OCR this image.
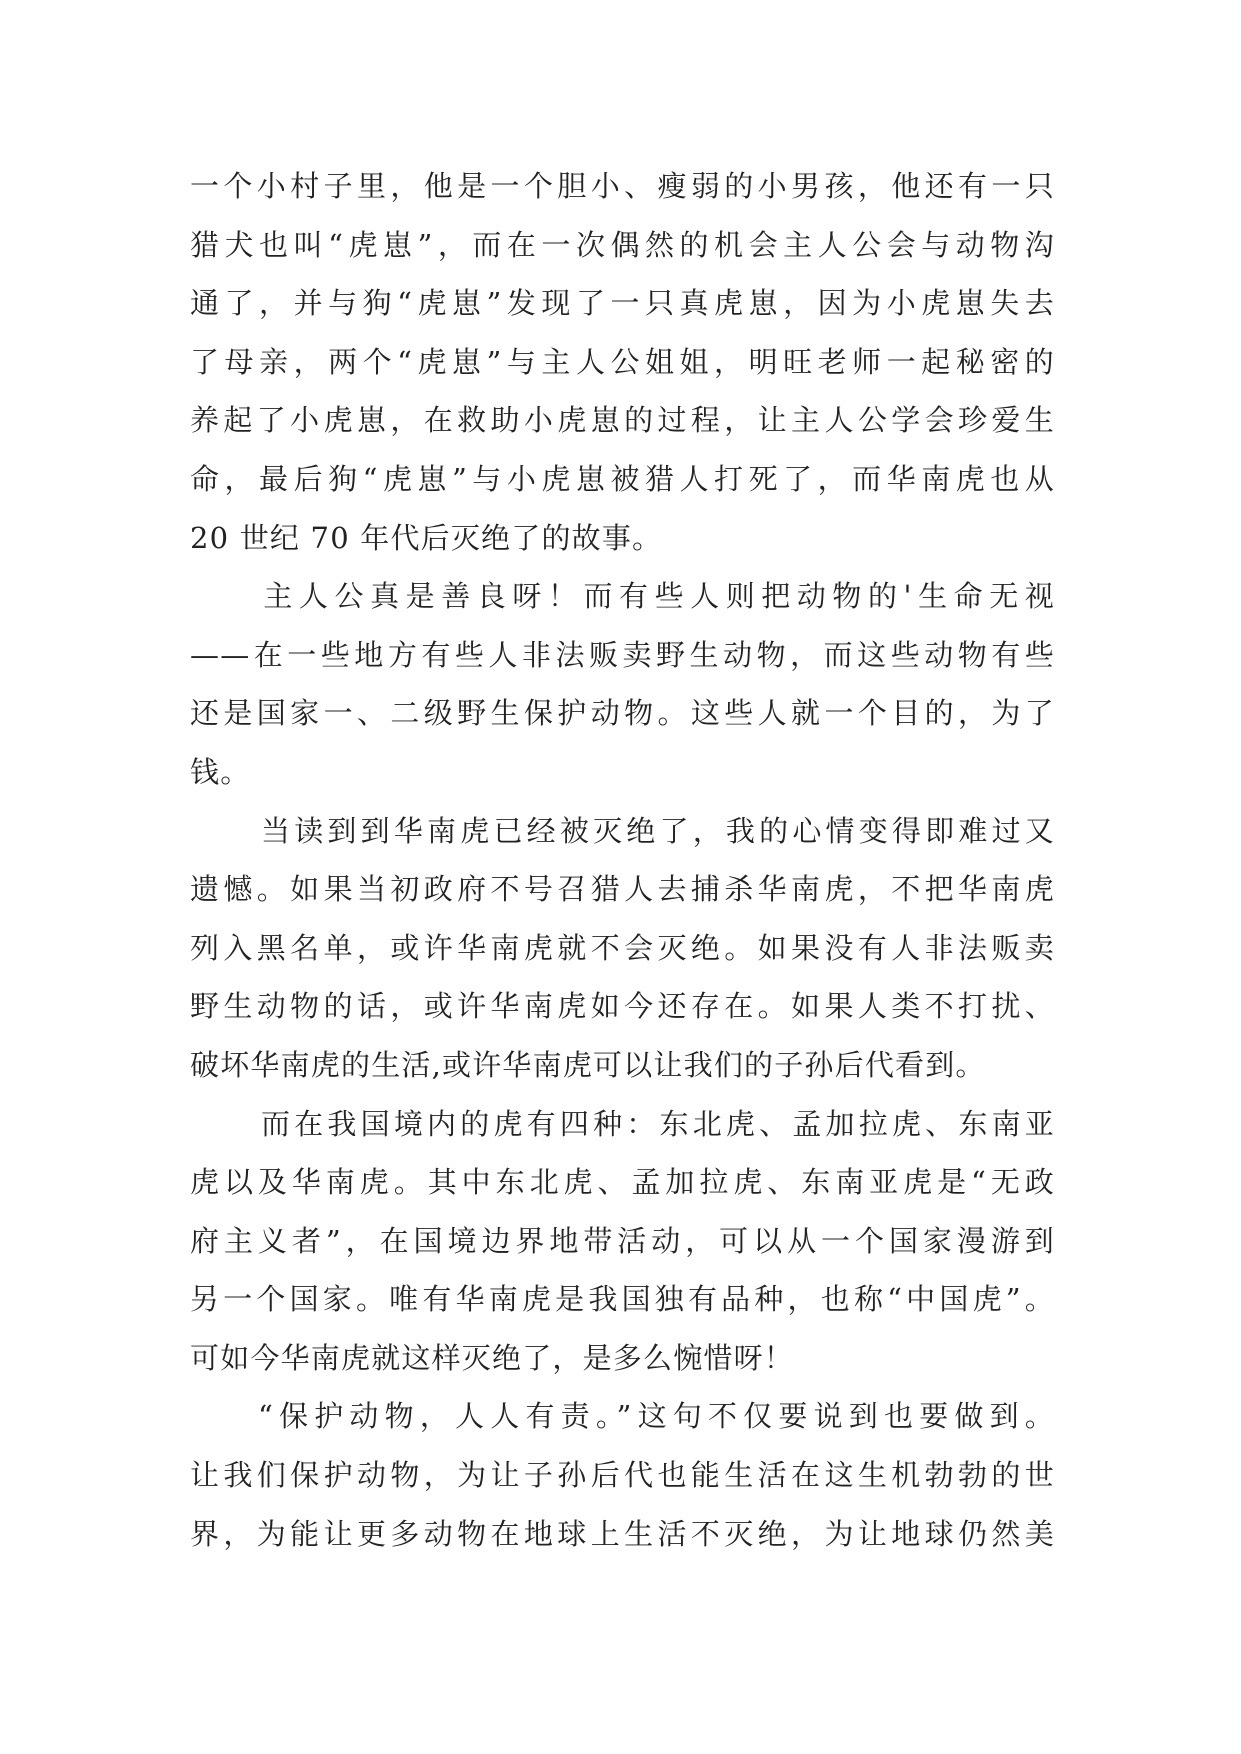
一个小村子里，他是一个胆小、瘦弱的小男孩，他还有一只
猎犬也叫“虎崽”，而在一次偶然的机会主人公会与动物沟
通了，并与狗“虎崽”发现了一只真虎崽，因为小虎崽失去
了母亲，两个“虎崽”与主人公姐姐，明旺老师一起秘密的
养起了小虎崽，在救助小虎崽的过程，让主人公学会珍爱生
命，最后狗“虎崽”与小虎崽被猎人打死了，而华南虎也从
20 世纪 70 年代后灭绝了的故事。
主人公真是善良呀！而有些人则把动物的'生命无视
——在一些地方有些人非法贩卖野生动物，而这些动物有些
还是国家一、二级野生保护动物。这些人就一个目的，为了
钱。
当读到到华南虎已经被灭绝了，我的心情变得即难过又
遗憾。如果当初政府不号召猎人去捕杀华南虎，不把华南虎
列入黑名单，或许华南虎就不会灭绝。如果没有人非法贩卖
野生动物的话，或许华南虎如今还存在。如果人类不打扰、
破坏华南虎的生活,或许华南虎可以让我们的子孙后代看到。
而在我国境内的虎有四种：东北虎、孟加拉虎、东南亚
虎以及华南虎。其中东北虎、孟加拉虎、东南亚虎是“无政
府主义者”，在国境边界地带活动，可以从一个国家漫游到
另一个国家。唯有华南虎是我国独有品种，也称“中国虎”。
可如今华南虎就这样灭绝了，是多么惋惜呀！
“保护动物，人人有责。”这句不仅要说到也要做到。
让我们保护动物，为让子孙后代也能生活在这生机勃勃的世
界，为能让更多动物在地球上生活不灭绝，为让地球仍然美
